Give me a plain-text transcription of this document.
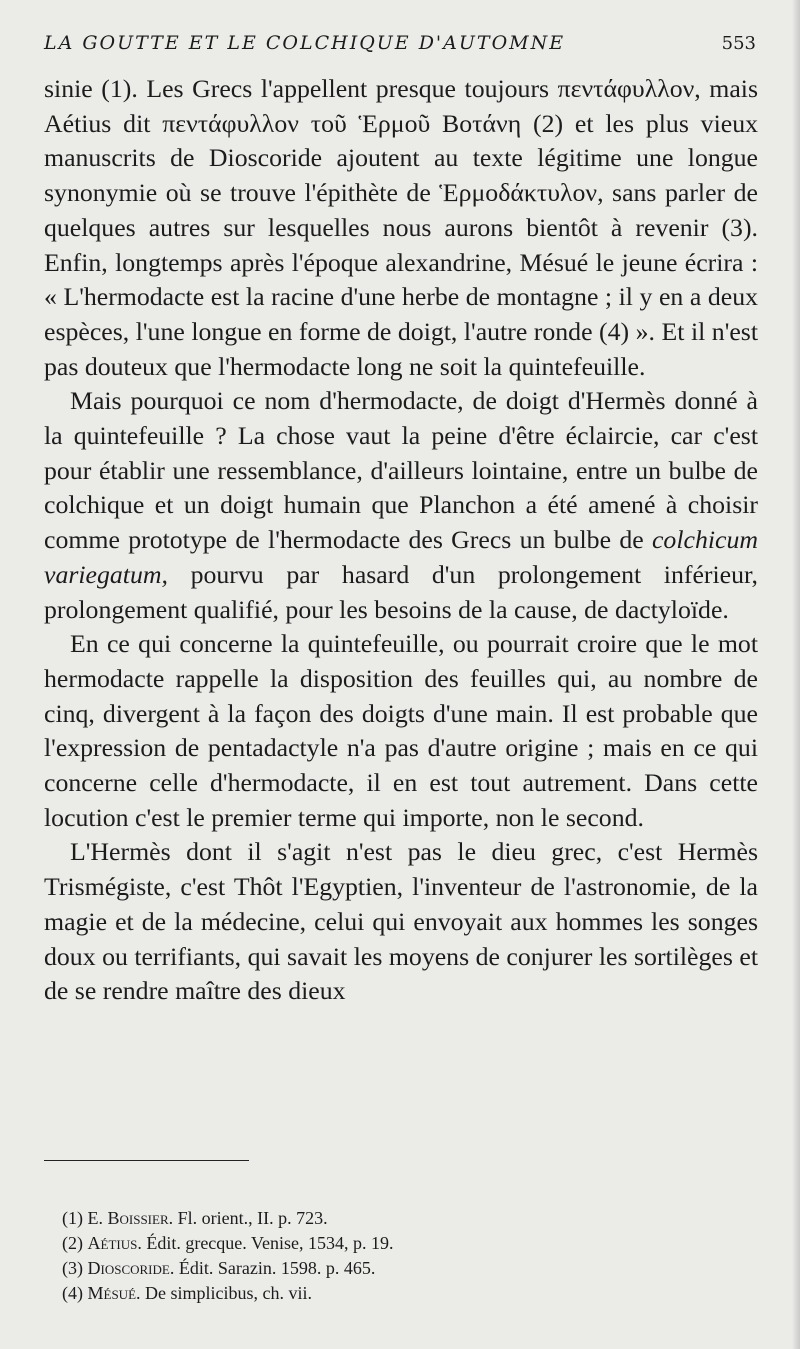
LA GOUTTE ET LE COLCHIQUE D'AUTOMNE	553

sinie (1). Les Grecs l'appellent presque toujours πεντάφυλλον, mais Aétius dit πεντάφυλλον τοῦ Ἑρμοῦ Βοτάνη (2) et les plus vieux manuscrits de Dioscoride ajoutent au texte légitime une longue synonymie où se trouve l'épithète de Ἑρμοδάκτυλον, sans parler de quelques autres sur lesquelles nous aurons bientôt à revenir (3). Enfin, longtemps après l'époque alexandrine, Mésué le jeune écrira : « L'hermodacte est la racine d'une herbe de montagne ; il y en a deux espèces, l'une longue en forme de doigt, l'autre ronde (4) ». Et il n'est pas douteux que l'hermodacte long ne soit la quintefeuille.

Mais pourquoi ce nom d'hermodacte, de doigt d'Hermès donné à la quintefeuille ? La chose vaut la peine d'être éclaircie, car c'est pour établir une ressemblance, d'ailleurs lointaine, entre un bulbe de colchique et un doigt humain que Planchon a été amené à choisir comme prototype de l'hermodacte des Grecs un bulbe de colchicum variegatum, pourvu par hasard d'un prolongement inférieur, prolongement qualifié, pour les besoins de la cause, de dactyloïde.

En ce qui concerne la quintefeuille, ou pourrait croire que le mot hermodacte rappelle la disposition des feuilles qui, au nombre de cinq, divergent à la façon des doigts d'une main. Il est probable que l'expression de pentadactyle n'a pas d'autre origine ; mais en ce qui concerne celle d'hermodacte, il en est tout autrement. Dans cette locution c'est le premier terme qui importe, non le second.

L'Hermès dont il s'agit n'est pas le dieu grec, c'est Hermès Trismégiste, c'est Thôt l'Egyptien, l'inventeur de l'astronomie, de la magie et de la médecine, celui qui envoyait aux hommes les songes doux ou terrifiants, qui savait les moyens de conjurer les sortilèges et de se rendre maître des dieux

(1) E. Boissier. Fl. orient., II. p. 723.
(2) Aétius. Édit. grecque. Venise, 1534, p. 19.
(3) Dioscoride. Édit. Sarazin. 1598. p. 465.
(4) Mésué. De simplicibus, ch. vii.
